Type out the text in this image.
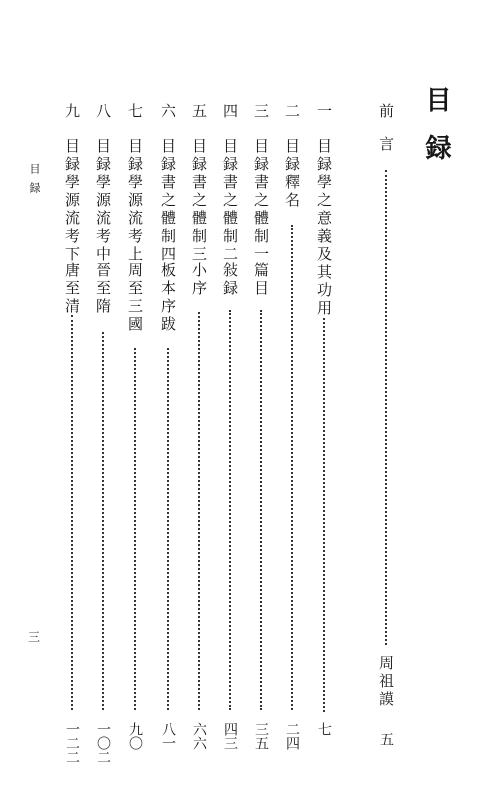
目録
前言
周祖謨
五
一
目録學之意義及其功用
七
二
目録釋名
二四
三
目録書之體制一
篇目
三五
四
目録書之體制二
敍録
四三
五
目録書之體制三
小序
六六
六
目録書之體制四
板本序跋
八一
七
目録學源流考上
周至三國
九〇
八
目録學源流考中
晉至隋
一〇二
九
目録學源流考下
唐至清
一二二
目録
三
